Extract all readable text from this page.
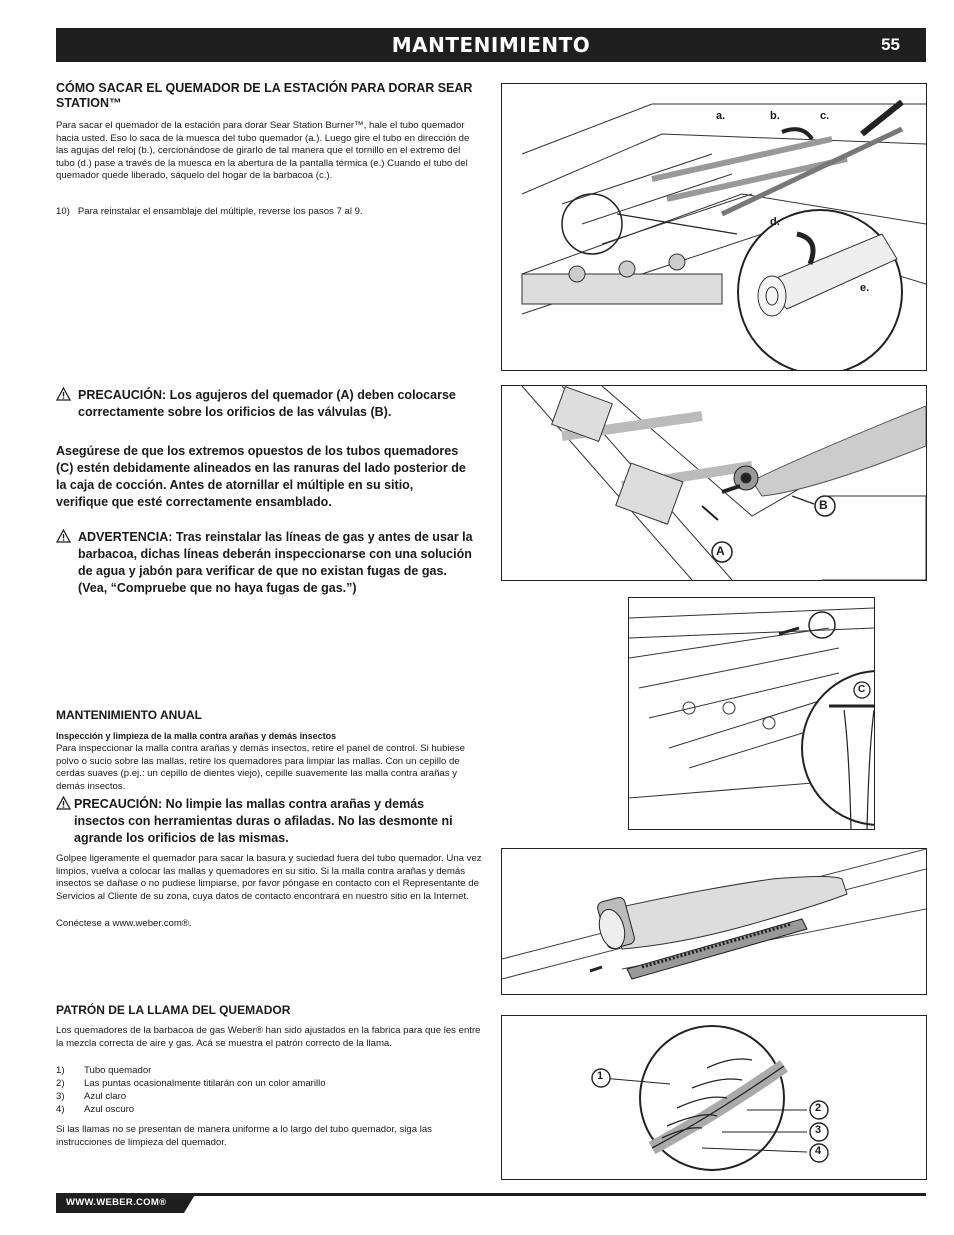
MANTENIMIENTO	55
CÓMO SACAR EL QUEMADOR DE LA ESTACIÓN PARA DORAR SEAR STATION™
Para sacar el quemador de la estación para dorar Sear Station Burner™, hale el tubo quemador hacia usted. Eso lo saca de la muesca del tubo quemador (a.). Luego gire el tubo en dirección de las agujas del reloj (b.), cercionándose de girarlo de tal manera que el tornillo en el extremo del tubo (d.) pase a través de la muesca en la abertura de la pantalla térmica (e.) Cuando el tubo del quemador quede liberado, sáquelo del hogar de la barbacoa (c.).
10) Para reinstalar el ensamblaje del múltiple, reverse los pasos 7 al 9.
a.	b.	c.
d.
e.
PRECAUCIÓN: Los agujeros del quemador (A) deben colocarse correctamente sobre los orificios de las válvulas (B).
Asegúrese de que los extremos opuestos de los tubos quemadores (C) estén debidamente alineados en las ranuras del lado posterior de la caja de cocción. Antes de atornillar el múltiple en su sitio, verifique que esté correctamente ensamblado.
ADVERTENCIA: Tras reinstalar las líneas de gas y antes de usar la barbacoa, dichas líneas deberán inspeccionarse con una solución de agua y jabón para verificar de que no existan fugas de gas. (Vea, “Compruebe que no haya fugas de gas.”)
B
A
C
MANTENIMIENTO ANUAL
Inspección y limpieza de la malla contra arañas y demás insectos
Para inspeccionar la malla contra arañas y demás insectos, retire el panel de control. Si hubiese polvo o sucio sobre las mallas, retire los quemadores para limpiar las mallas. Con un cepillo de cerdas suaves (p.ej.: un cepillo de dientes viejo), cepille suavemente las malla contra arañas y demás insectos.
PRECAUCIÓN: No limpie las mallas contra arañas y demás insectos con herramientas duras o afiladas. No las desmonte ni agrande los orificios de las mismas.
Golpee ligeramente el quemador para sacar la basura y suciedad fuera del tubo quemador. Una vez limpios, vuelva a colocar las mallas y quemadores en su sitio. Si la malla contra arañas y demás insectos se dañase o no pudiese limpiarse, por favor póngase en contacto con el Representante de Servicios al Cliente de su zona, cuya datos de contacto encontrará en nuestro sitio en la Internet.
Conéctese a www.weber.com®.
PATRÓN DE LA LLAMA DEL QUEMADOR
Los quemadores de la barbacoa de gas Weber® han sido ajustados en la fabrica para que les entre la mezcla correcta de aire y gas. Acá se muestra el patrón correcto de la llama.
1)	Tubo quemador
2)	Las puntas ocasionalmente titilarán con un color amarillo
3)	Azul claro
4)	Azul oscuro
Si las llamas no se presentan de manera uniforme a lo largo del tubo quemador, siga las instrucciones de limpieza del quemador.
1
2
3
4
WWW.WEBER.COM®
